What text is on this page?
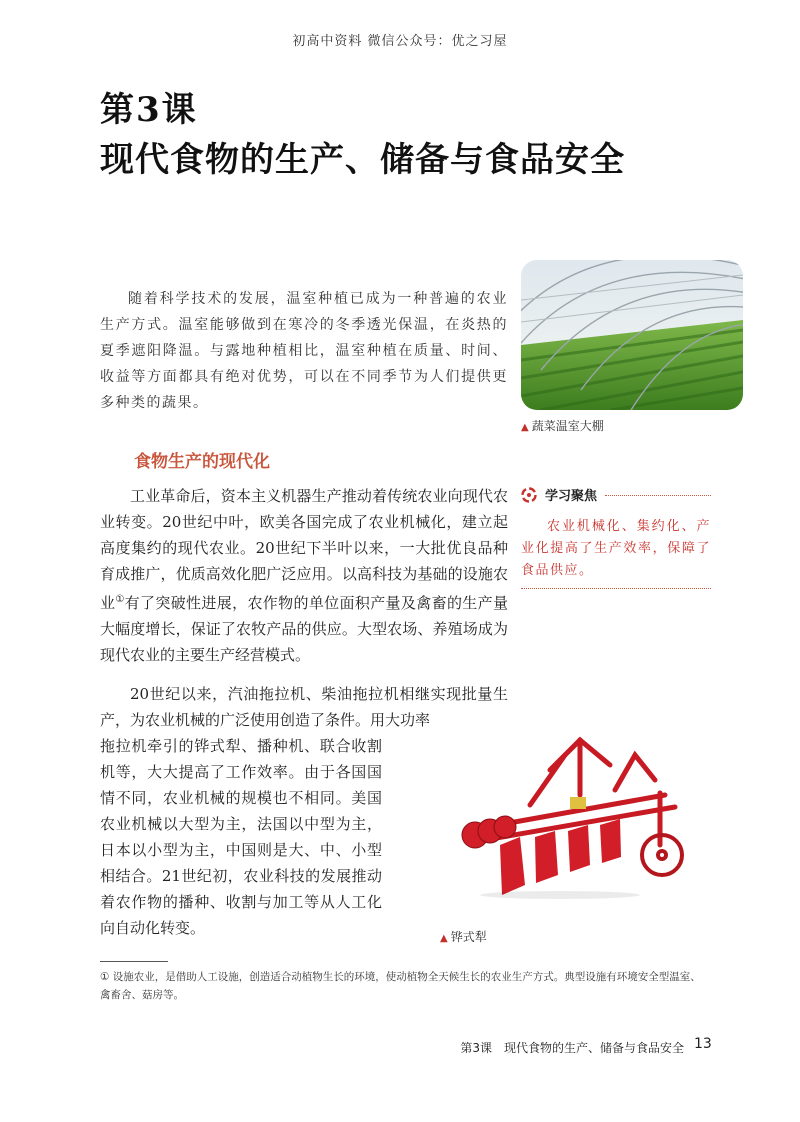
初高中资料 微信公众号：优之习屋
第3课
现代食物的生产、储备与食品安全

随着科学技术的发展，温室种植已成为一种普遍的农业生产方式。温室能够做到在寒冷的冬季透光保温，在炎热的夏季遮阳降温。与露地种植相比，温室种植在质量、时间、收益等方面都具有绝对优势，可以在不同季节为人们提供更多种类的蔬果。

▲ 蔬菜温室大棚
食物生产的现代化

工业革命后，资本主义机器生产推动着传统农业向现代农业转变。20世纪中叶，欧美各国完成了农业机械化，建立起高度集约的现代农业。20世纪下半叶以来，一大批优良品种育成推广，优质高效化肥广泛应用。以高科技为基础的设施农业①有了突破性进展，农作物的单位面积产量及禽畜的生产量大幅度增长，保证了农牧产品的供应。大型农场、养殖场成为现代农业的主要生产经营模式。

20世纪以来，汽油拖拉机、柴油拖拉机相继实现批量生产，为农业机械的广泛使用创造了条件。用大功率

拖拉机牵引的铧式犁、播种机、联合收割机等，大大提高了工作效率。由于各国国情不同，农业机械的规模也不相同。美国农业机械以大型为主，法国以中型为主，日本以小型为主，中国则是大、中、小型相结合。21世纪初，农业科技的发展推动着农作物的播种、收割与加工等从人工化向自动化转变。

学习聚焦
农业机械化、集约化、产业化提高了生产效率，保障了食品供应。
▲ 铧式犁
① 设施农业，是借助人工设施，创造适合动植物生长的环境，使动植物全天候生长的农业生产方式。典型设施有环境安全型温室、禽畜舍、菇房等。
第3课　现代食物的生产、储备与食品安全 13
